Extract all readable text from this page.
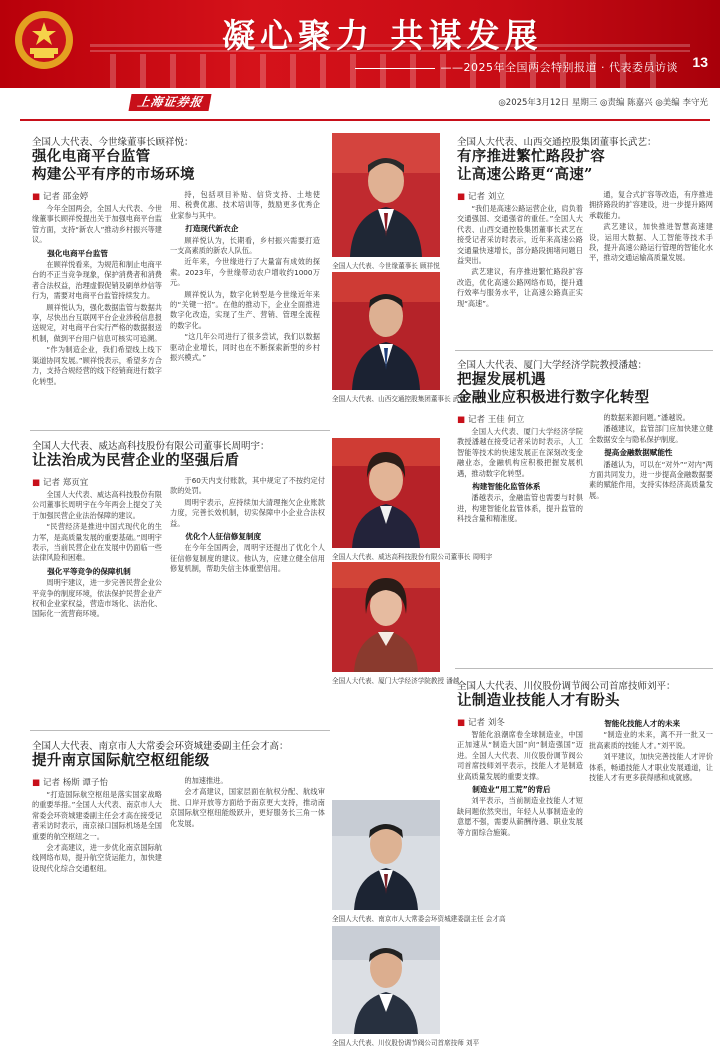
凝心聚力 共谋发展
——2025年全国两会特别报道 · 代表委员访谈 13
上海证券报	◎2025年3月12日 星期三 ◎责编 陈嘉兴 ◎美编 李守光
全国人大代表、今世缘董事长顾祥悦：
强化电商平台监管
构建公平有序的市场环境
■ 记者 邵金婷

今年全国两会，全国人大代表、今世缘董事长顾祥悦提出关于加强电商平台监管方面，支持“新农人”推动乡村振兴等建议。

强化电商平台监管

在顾祥悦看来，为规范和制止电商平台的不正当竞争现象，保护消费者和消费者合法权益，治理虚假促销及刷单炒信等行为，需要对电商平台监管持续发力。

顾祥悦认为，强化数据监管与数据共享，尽快出台互联网平台企业涉税信息报送规定，对电商平台实行严格的数据报送机制，做到平台用户信息可核实可追溯。

“作为制造企业，我们希望线上线下渠道协同发展。”顾祥悦表示，希望多方合力，支持合规经营的线下经销商进行数字化转型。

持，包括项目补贴、信贷支持、土地使用、税费优惠、技术培训等，鼓励更多优秀企业家参与其中。

打造现代新农企

顾祥悦认为，长期看，乡村振兴需要打造一支高素质的新农人队伍。

近年来，今世缘进行了大量富有成效的探索。2023年，今世缘带动农户增收约1000万元。

顾祥悦认为，数字化转型是今世缘近年来的“关键一招”。在他的推动下，企业全面推进数字化改造，实现了生产、营销、管理全流程的数字化。

“这几年公司进行了很多尝试，我们以数据驱动企业增长，同时也在不断探索新型的乡村振兴模式。”

全国人大代表、今世缘董事长 顾祥悦
全国人大代表、山西交通控股集团董事长武艺：
有序推进繁忙路段扩容
让高速公路更“高速”
■ 记者 刘立

“我们是高速公路运营企业，肩负着交通强国、交通强省的重任。”全国人大代表、山西交通控股集团董事长武艺在接受记者采访时表示，近年来高速公路交通量快速增长，部分路段拥堵问题日益突出。

武艺建议，有序推进繁忙路段扩容改造，优化高速公路网络布局，提升通行效率与服务水平，让高速公路真正实现“高速”。

通，复合式扩容等改造，有序推进拥挤路段的扩容建设，进一步提升路网承载能力。

武艺建议，加快推进智慧高速建设，运用大数据、人工智能等技术手段，提升高速公路运行管理的智能化水平，推动交通运输高质量发展。

全国人大代表、山西交通控股集团董事长 武艺
全国人大代表、威达高科技股份有限公司董事长周明宇：
让法治成为民营企业的坚强后盾
■ 记者 郑页宜

全国人大代表、威达高科技股份有限公司董事长周明宇在今年两会上提交了关于加强民营企业法治保障的建议。

“民营经济是推进中国式现代化的生力军，是高质量发展的重要基础。”周明宇表示，当前民营企业在发展中仍面临一些法律风险和困难。

强化平等竞争的保障机制

周明宇建议，进一步完善民营企业公平竞争的制度环境，依法保护民营企业产权和企业家权益，营造市场化、法治化、国际化一流营商环境。

于60天内支付账款，其中规定了不按约定付款的处罚。

周明宇表示，应持续加大清理拖欠企业账款力度，完善长效机制，切实保障中小企业合法权益。

优化个人征信修复制度

在今年全国两会，周明宇还提出了优化个人征信修复制度的建议。他认为，应建立健全信用修复机制，帮助失信主体重塑信用。

全国人大代表、威达高科技股份有限公司董事长 周明宇
全国人大代表、厦门大学经济学院教授潘越：
把握发展机遇
金融业应积极进行数字化转型
■ 记者 王佳 何立

全国人大代表、厦门大学经济学院教授潘越在接受记者采访时表示，人工智能等技术的快速发展正在深刻改变金融业态，金融机构应积极把握发展机遇，推动数字化转型。

构建智能化监管体系

潘越表示，金融监管也需要与时俱进，构建智能化监管体系，提升监管的科技含量和精准度。

的数据来源问题。”潘越说。

潘越建议，监管部门应加快建立健全数据安全与隐私保护制度。

提高金融数据赋能性

潘越认为，可以在“对外”“对内”两方面共同发力，进一步提高金融数据要素的赋能作用，支持实体经济高质量发展。

全国人大代表、厦门大学经济学院教授 潘越
全国人大代表、南京市人大常委会环资城建委副主任会才高：
提升南京国际航空枢纽能级
■ 记者 杨斯 谭子怡

“打造国际航空枢纽是落实国家战略的重要举措。”全国人大代表、南京市人大常委会环资城建委副主任会才高在接受记者采访时表示，南京禄口国际机场是全国重要的航空枢纽之一。

会才高建议，进一步优化南京国际航线网络布局，提升航空货运能力，加快建设现代化综合交通枢纽。

的加速推进。

会才高建议，国家层面在航权分配、航线审批、口岸开放等方面给予南京更大支持，推动南京国际航空枢纽能级跃升，更好服务长三角一体化发展。

全国人大代表、南京市人大常委会环资城建委副主任 会才高
全国人大代表、川仪股份调节阀公司首席技师刘平：
让制造业技能人才有盼头
■ 记者 刘冬

智能化浪潮席卷全球制造业，中国正加速从“制造大国”向“制造强国”迈进。全国人大代表、川仪股份调节阀公司首席技师刘平表示，技能人才是制造业高质量发展的重要支撑。

制造业“用工荒”的背后

刘平表示，当前制造业技能人才短缺问题依然突出，年轻人从事制造业的意愿不强，需要从薪酬待遇、职业发展等方面综合施策。

智能化技能人才的未来

“制造业的未来，离不开一批又一批高素质的技能人才。”刘平说。

刘平建议，加快完善技能人才评价体系，畅通技能人才职业发展通道，让技能人才有更多获得感和成就感。

全国人大代表、川仪股份调节阀公司首席技师 刘平
